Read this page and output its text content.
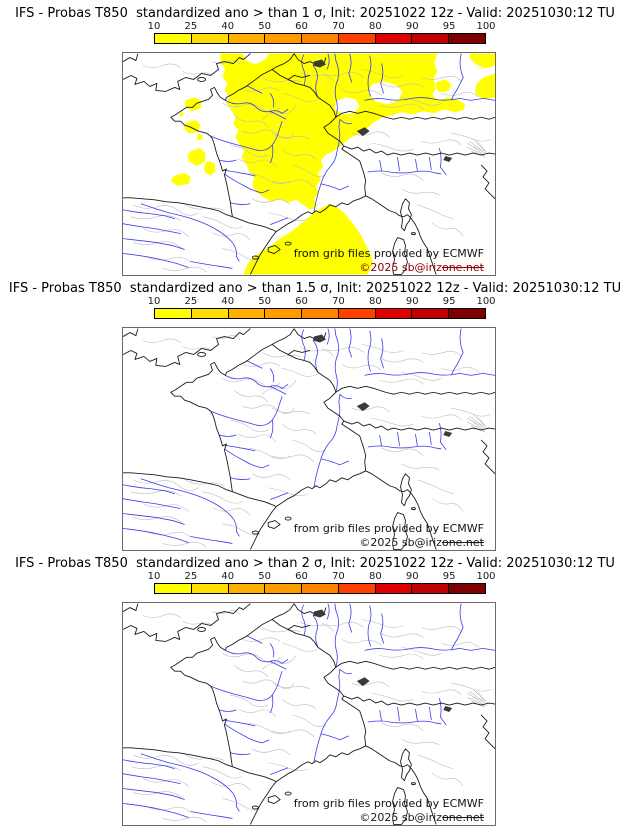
IFS - Probas T850  standardized ano > than 1 σ, Init: 20251022 12z - Valid: 20251030:12 TU
10 25 40 50 60 70 80 90 95 100
from grib files provided by ECMWF
©2025 sb@irizone.net
IFS - Probas T850  standardized ano > than 1.5 σ, Init: 20251022 12z - Valid: 20251030:12 TU
10 25 40 50 60 70 80 90 95 100
from grib files provided by ECMWF
©2025 sb@irizone.net
IFS - Probas T850  standardized ano > than 2 σ, Init: 20251022 12z - Valid: 20251030:12 TU
10 25 40 50 60 70 80 90 95 100
from grib files provided by ECMWF
©2025 sb@irizone.net
